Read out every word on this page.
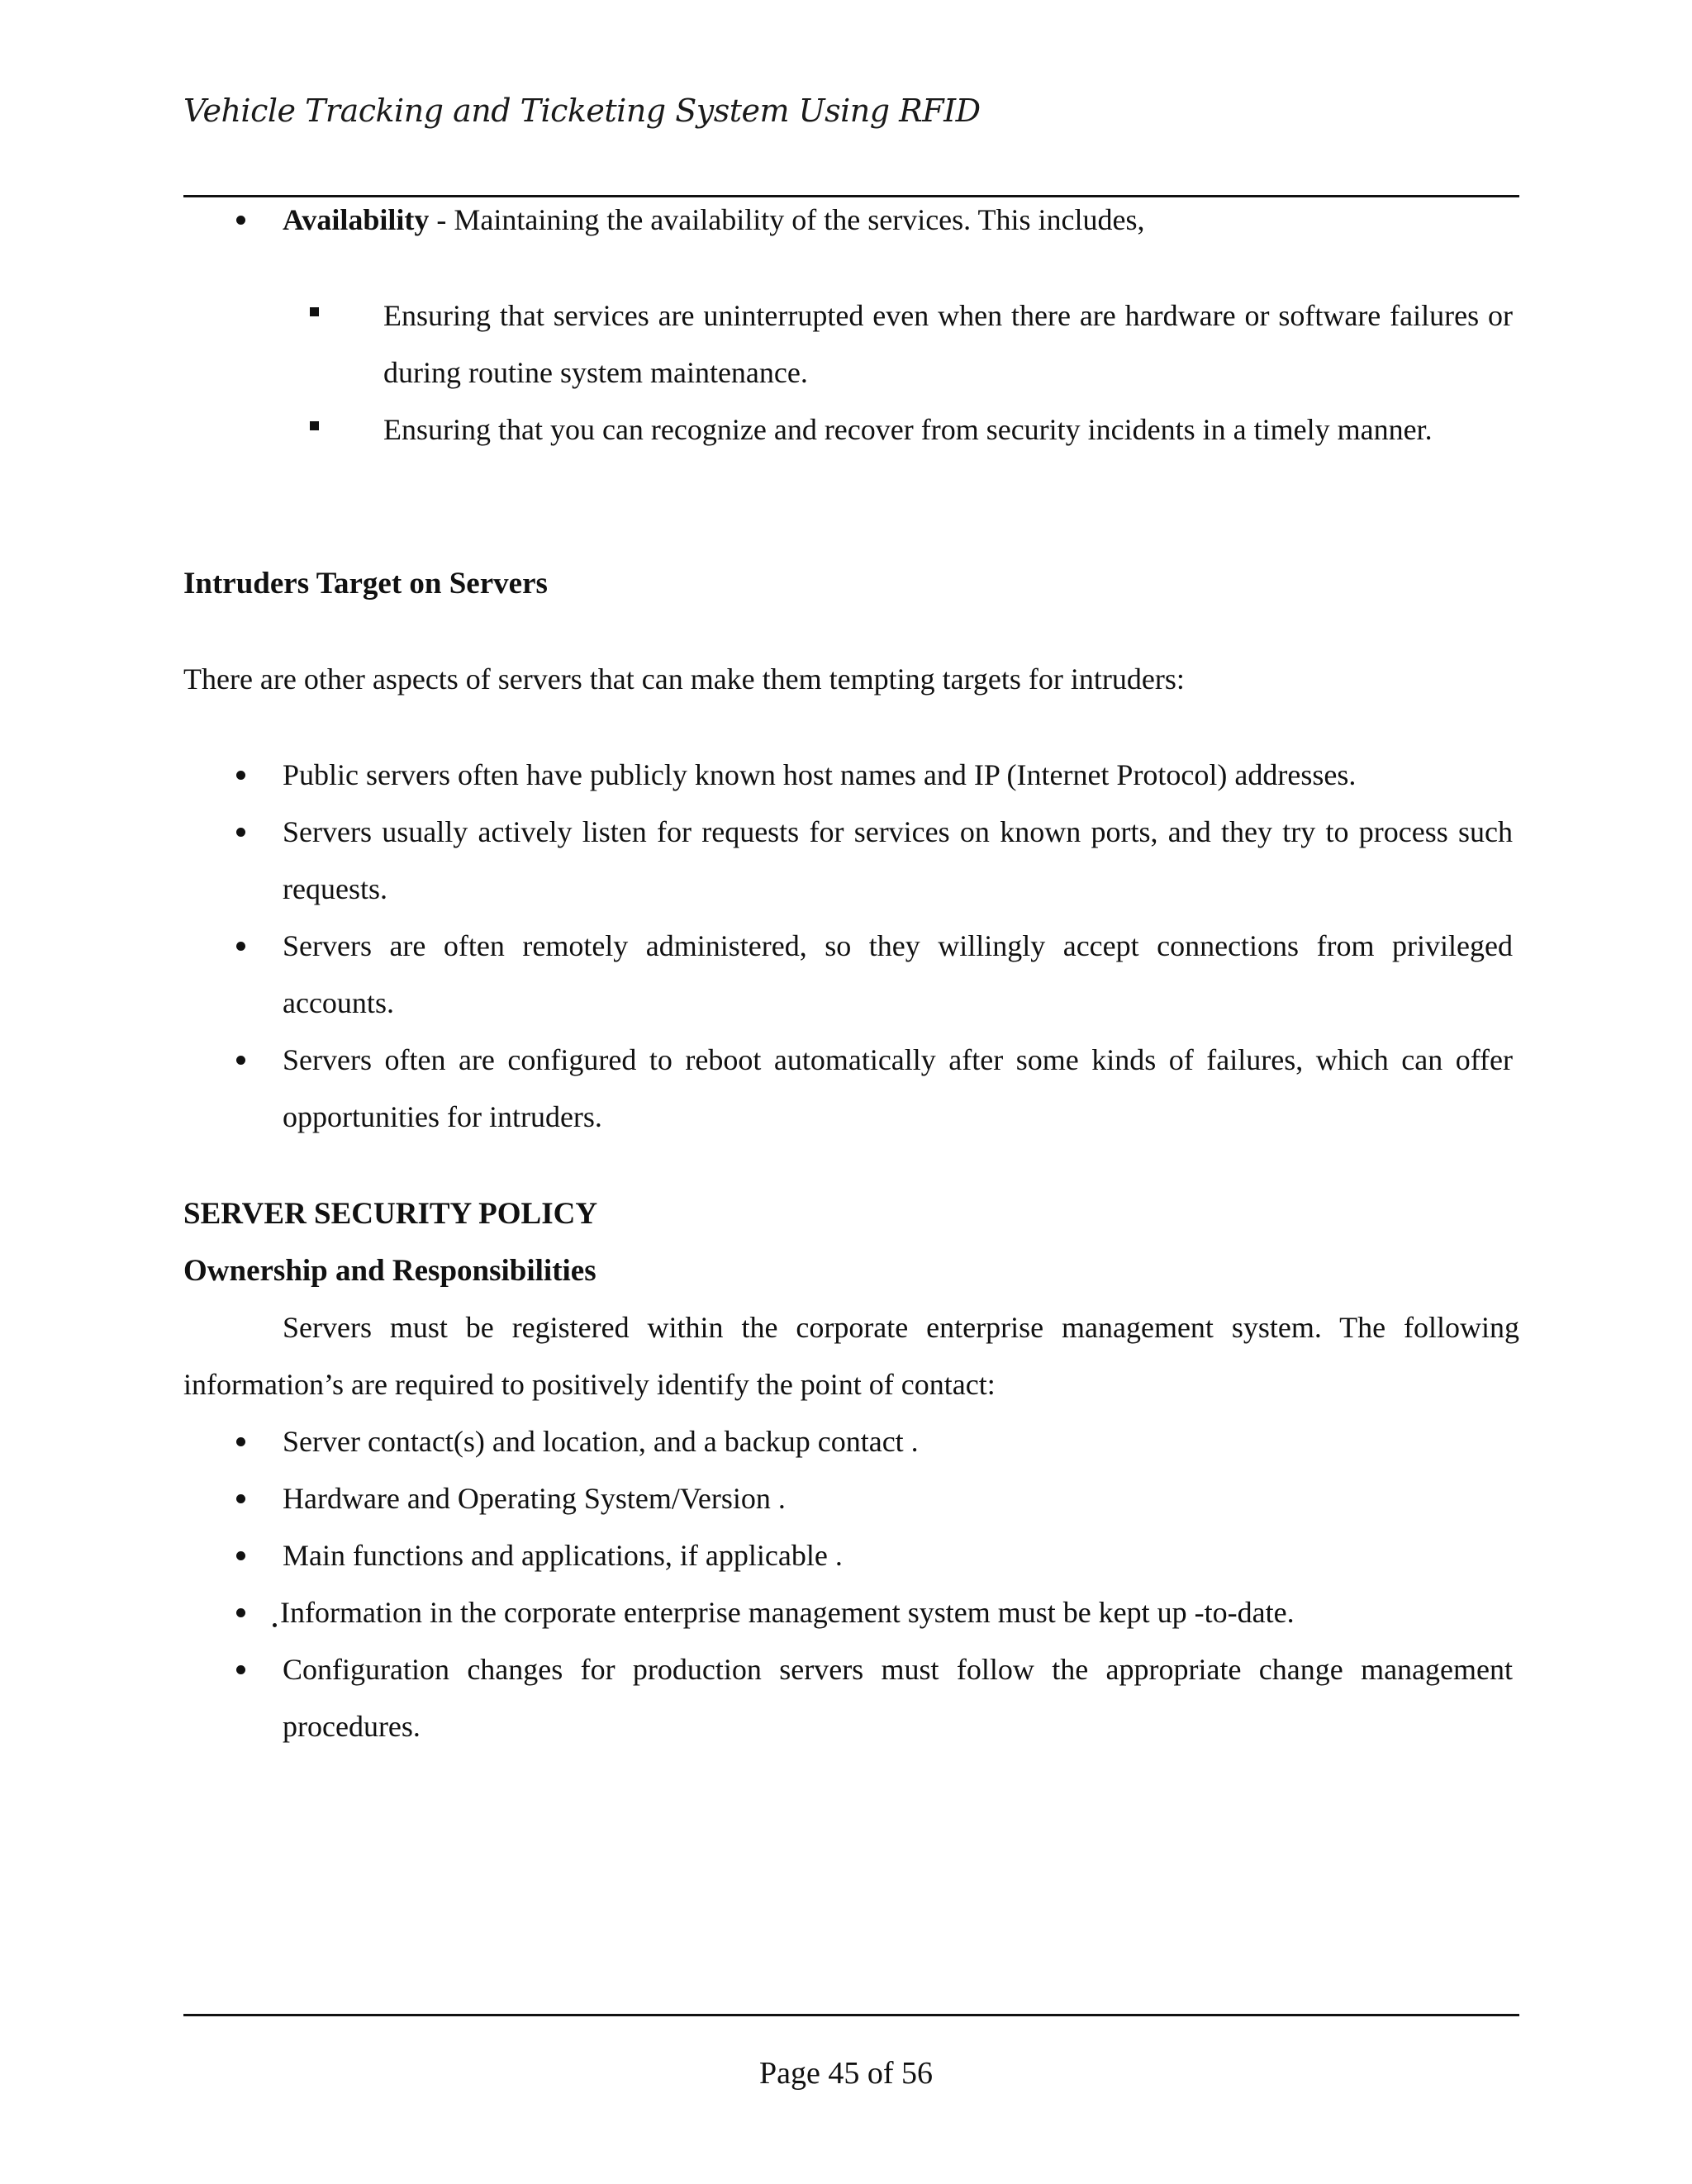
Vehicle Tracking and Ticketing System Using RFID
Availability - Maintaining the availability of the services. This includes,
Ensuring that services are uninterrupted even when there are hardware or software failures or during routine system maintenance.
Ensuring that you can recognize and recover from security incidents in a timely manner.

Intruders Target on Servers

There are other aspects of servers that can make them tempting targets for intruders:

Public servers often have publicly known host names and IP (Internet Protocol) addresses.
Servers usually actively listen for requests for services on known ports, and they try to process such requests.
Servers are often remotely administered, so they willingly accept connections from privileged accounts.
Servers often are configured to reboot automatically after some kinds of failures, which can offer opportunities for intruders.

SERVER SECURITY POLICY

Ownership and Responsibilities

Servers must be registered within the corporate enterprise management system. The following information’s are required to positively identify the point of contact:

Server contact(s) and location, and a backup contact .
Hardware and Operating System/Version .
Main functions and applications, if applicable .
Information in the corporate enterprise management system must be kept up -to-date.
Configuration changes for production servers must follow the appropriate change management procedures.
Page 45 of 56
